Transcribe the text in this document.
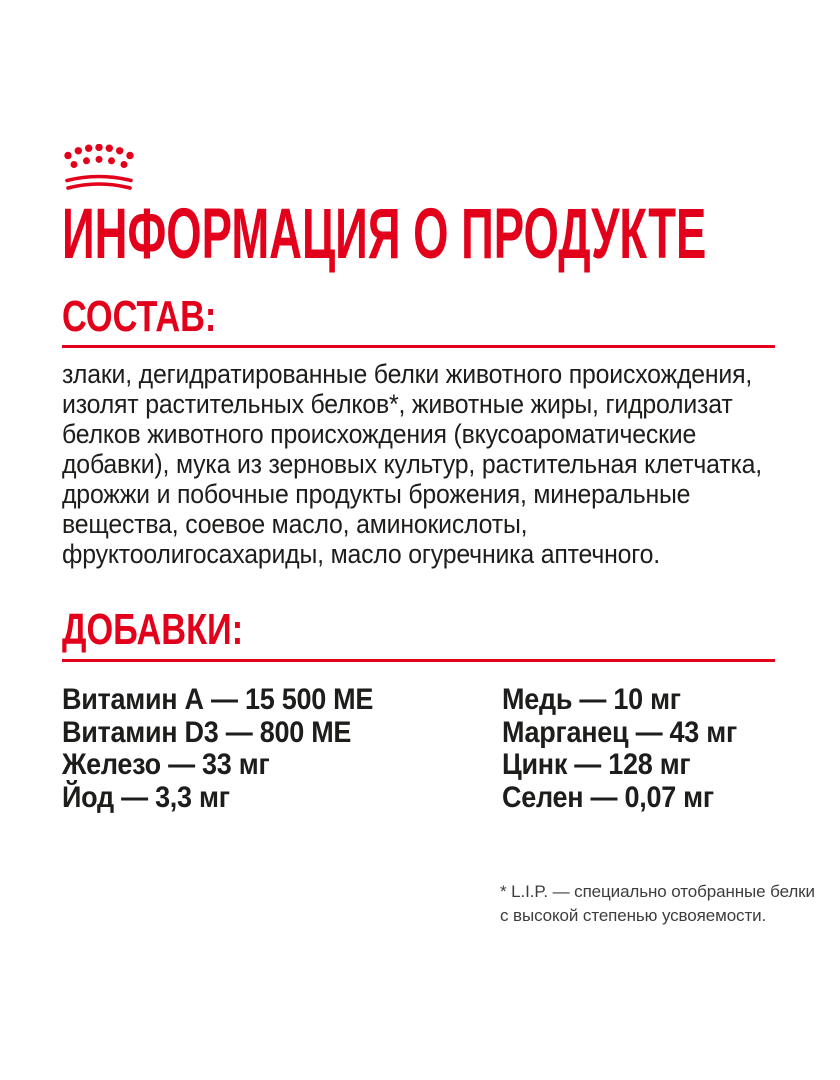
ИНФОРМАЦИЯ О ПРОДУКТЕ
СОСТАВ:

злаки, дегидратированные белки животного происхождения, изолят растительных белков*, животные жиры, гидролизат белков животного происхождения (вкусоароматические добавки), мука из зерновых культур, растительная клетчатка, дрожжи и побочные продукты брожения, минеральные вещества, соевое масло, аминокислоты, фруктоолигосахариды, масло огуречника аптечного.

ДОБАВКИ:
Витамин А — 15 500 МЕ
Витамин D3 — 800 МЕ
Железо — 33 мг
Йод — 3,3 мг
Медь — 10 мг
Марганец — 43 мг
Цинк — 128 мг
Селен — 0,07 мг
* L.I.P. — специально отобранные белки
с высокой степенью усвояемости.
